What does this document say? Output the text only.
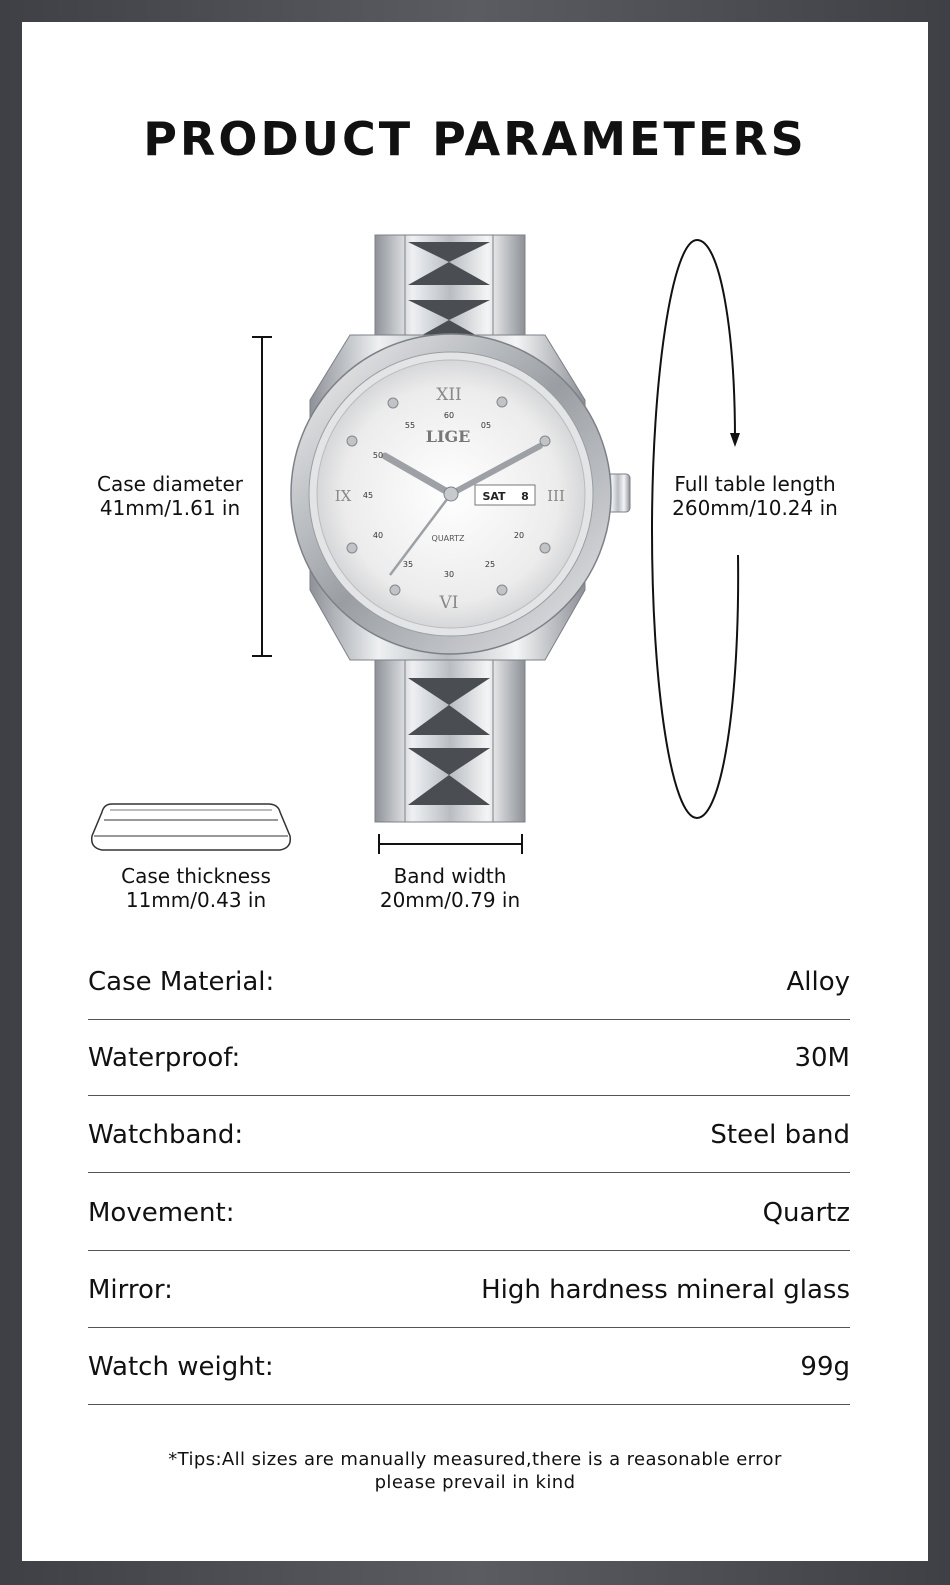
PRODUCT PARAMETERS
Case diameter
41mm/1.61 in
Full table length
260mm/10.24 in
LIGE
QUARTZ
SAT 8
XII
VI
IX	III
60
05
55
50
45
40
35
30
25
20
Case thickness
11mm/0.43 in
Band width
20mm/0.79 in
Case Material:	Alloy
Waterproof:	30M
Watchband:	Steel band
Movement:	Quartz
Mirror:	High hardness mineral glass
Watch weight:	99g
*Tips:All sizes are manually measured,there is a reasonable error
please prevail in kind
